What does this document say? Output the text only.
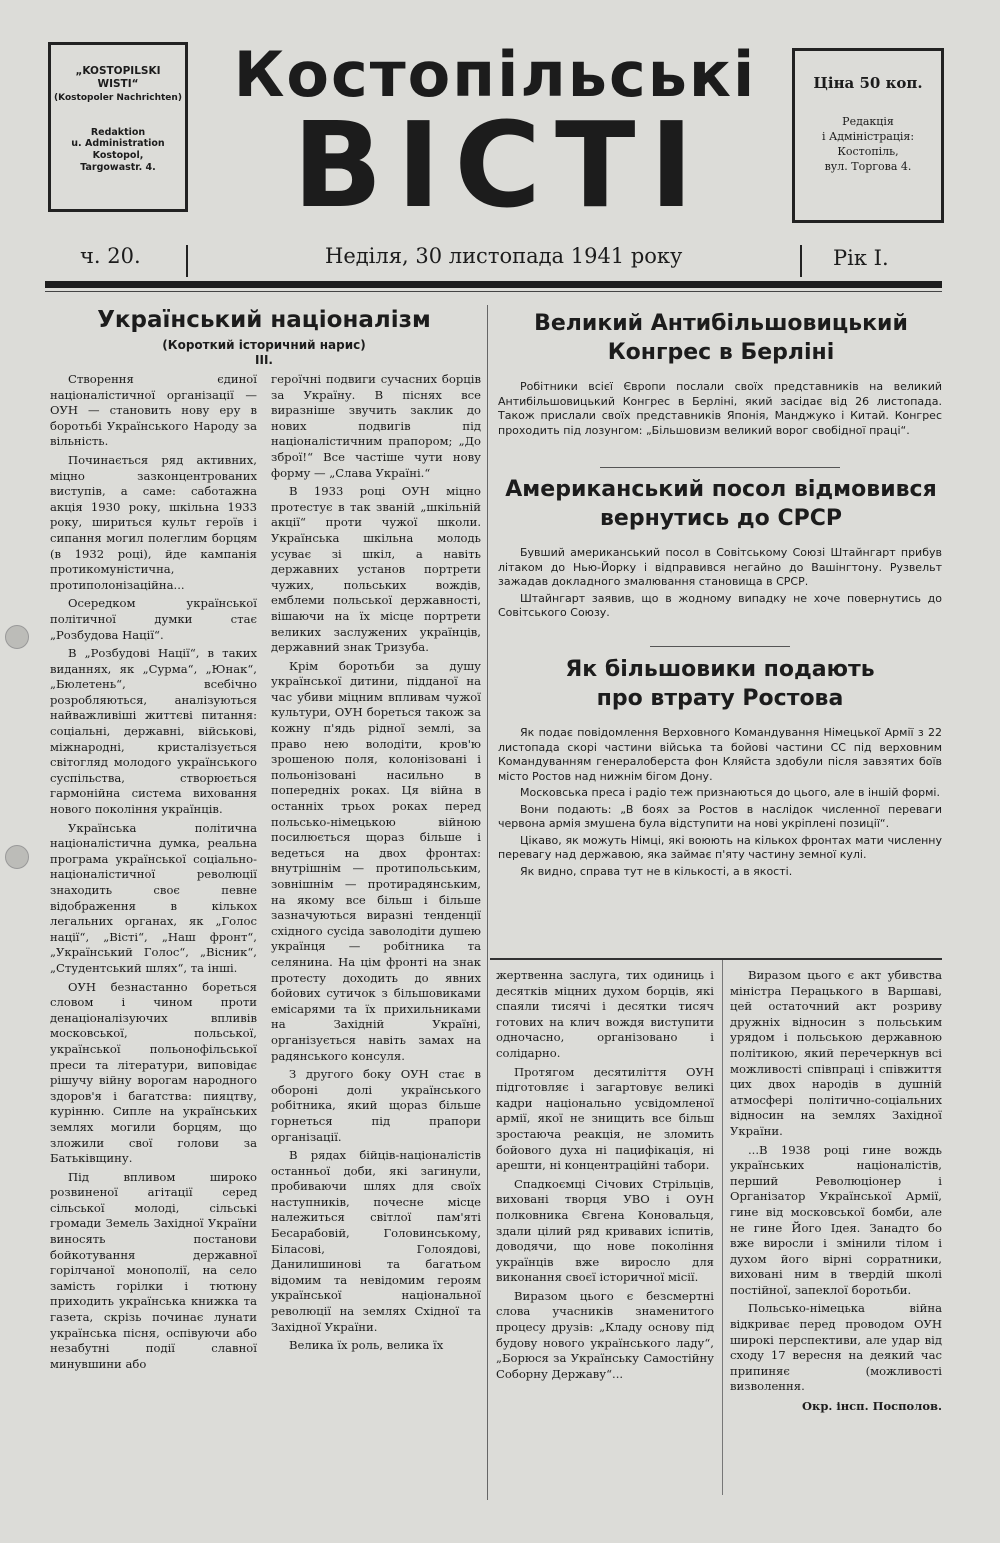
„KOSTOPILSKI
WISTI“
(Kostopoler Nachrichten)
Redaktion
u. Administration
Kostopol,
Targowastr. 4.
Костопільські
ВІСТІ
Ціна 50 коп.
Редакція
і Адміністрація:
Костопіль,
вул. Торгова 4.
ч. 20.	Неділя, 30 листопада 1941 року	Рік І.
Український націоналізм
(Короткий історичний нарис)
III.

Створення єдиної націоналістичної організації — ОУН — становить нову еру в боротьбі Українського Народу за вільність.

Починається ряд активних, міцно зазконцентрованих виступів, а саме: саботажна акція 1930 року, шкільна 1933 року, шириться культ героїв і сипання могил полеглим борцям (в 1932 році), йде кампанія протикомуністична, протиполонізаційна...

Осередком української політичної думки стає „Розбудова Нації“.

В „Розбудові Нації“, в таких виданнях, як „Сурма“, „Юнак“, „Бюлетень“, всебічно розробляються, аналізуються найважливіші життєві питання: соціальні, державні, військові, міжнародні, кристалізується світогляд молодого українського суспільства, створюється гармонійна система виховання нового покоління українців.

Українська політична націоналістична думка, реальна програма української соціально-націоналістичної революції знаходить своє певне відображення в кількох легальних органах, як „Голос нації“, „Вісті“, „Наш фронт“, „Український Голос“, „Вісник“, „Студентський шлях“, та інші.

ОУН безнастанно бореться словом і чином проти денаціоналізуючих впливів московської, польської, української польонофільської преси та літератури, виповідає рішучу війну ворогам народного здоров'я і багатства: пияцтву, курінню. Сипле на українських землях могили борцям, що зложили свої голови за Батьківщину.

Під впливом широко розвиненої агітації серед сільської молоді, сільські громади Земель Західної України виносять постанови бойкотування державної горілчаної монополії, на село замість горілки і тютюну приходить українська книжка та газета, скрізь починає лунати українська пісня, оспівуючи або незабутні події славної минувшини або

героїчні подвиги сучасних борців за Україну. В піснях все виразніше звучить заклик до нових подвигів під націоналістичним прапором; „До зброї!“ Все частіше чути нову форму — „Слава Україні.“

В 1933 році ОУН міцно протестує в так званій „шкільній акції“ проти чужої школи. Українська шкільна молодь усуває зі шкіл, а навіть державних установ портрети чужих, польських вождів, емблеми польської державності, вішаючи на їх місце портрети великих заслужених українців, державний знак Тризуба.

Крім боротьби за душу української дитини, підданої на час убиви міцним впливам чужої культури, ОУН бореться також за кожну п'ядь рідної землі, за право нею володіти, кров'ю зрошеною поля, колонізовані і польонізовані насильно в попередніх роках. Ця війна в останніх трьох роках перед польсько-німецькою війною посилюється щораз більше і ведеться на двох фронтах: внутрішнім — протипольським, зовнішнім — протирадянським, на якому все більш і більше зазначуються виразні тенденції східного сусіда заволодіти душею українця — робітника та селянина. На цім фронті на знак протесту доходить до явних бойових сутичок з більшовиками емісарями та їх прихильниками на Західній Україні, організується навіть замах на радянського консуля.

З другого боку ОУН стає в обороні долі українського робітника, який щораз більше горнеться під прапори організації.

В рядах бійців-націоналістів останньої доби, які загинули, пробиваючи шлях для своїх наступників, почесне місце належиться світлої пам'яті Бесарабовій, Головинському, Біласові, Голоядові, Данилишинові та багатьом відомим та невідомим героям української національної революції на землях Східної та Західної України.

Велика їх роль, велика їх

жертвенна заслуга, тих одиниць і десятків міцних духом борців, які спаяли тисячі і десятки тисяч готових на клич вождя виступити одночасно, організовано і солідарно.

Протягом десятиліття ОУН підготовляє і загартовує великі кадри національно усвідомленої армії, якої не знищить все більш зростаюча реакція, не зломить бойового духа ні пацифікація, ні арешти, ні концентраційні табори.

Спадкоємці Січових Стрільців, виховані творця УВО і ОУН полковника Євгена Коновальця, здали цілий ряд кривавих іспитів, доводячи, що нове покоління українців вже виросло для виконання своєї історичної місії.

Виразом цього є безсмертні слова учасників знаменитого процесу друзів: „Кладу основу під будову нового українського ладу“, „Борюся за Українську Самостійну Соборну Державу“...

Виразом цього є акт убивства міністра Перацького в Варшаві, цей остаточний акт розриву дружніх відносин з польським урядом і польською державною політикою, який перечеркнув всі можливості співпраці і співжиття цих двох народів в душній атмосфері політично-соціальних відносин на землях Західної України.

...В 1938 році гине вождь українських націоналістів, перший Революціонер і Організатор Української Армії, гине від московської бомби, але не гине Його Ідея. Занадто бо вже виросли і змінили тілом і духом його вірні сорратники, виховані ним в твердій школі постійної, запеклої боротьби.

Польсько-німецька війна відкриває перед проводом ОУН широкі перспективи, але удар від сходу 17 вересня на деякий час припиняє (можливості визволення.

Окр. інсп. Посполов.
Великий Антибільшовицький Конгрес в Берліні

Робітники всієї Європи послали своїх представників на великий Антибільшовицький Конгрес в Берліні, який засідає від 26 листопада. Також прислали своїх представників Японія, Манджуко і Китай. Конгрес проходить під лозунгом: „Більшовизм великий ворог свобідної праці“.

Американський посол відмовився вернутись до СРСР

Бувший американський посол в Совітському Союзі Штайнгарт прибув літаком до Нью-Йорку і відправився негайно до Вашінгтону. Рузвельт зажадав докладного змалювання становища в СРСР.

Штайнгарт заявив, що в жодному випадку не хоче повернутись до Совітського Союзу.

Як більшовики подають про втрату Ростова

Як подає повідомлення Верховного Командування Німецької Армії з 22 листопада скорі частини війська та бойові частини СС під верховним Командуванням генералоберста фон Кляйста здобули після завзятих боїв місто Ростов над нижнім бігом Дону.

Московська преса і радіо теж признаються до цього, але в іншій формі.

Вони подають: „В боях за Ростов в наслідок численної переваги червона армія змушена була відступити на нові укріплені позиції“.

Цікаво, як можуть Німці, які воюють на кількох фронтах мати численну перевагу над державою, яка займає п'яту частину земної кулі.

Як видно, справа тут не в кількості, а в якості.
